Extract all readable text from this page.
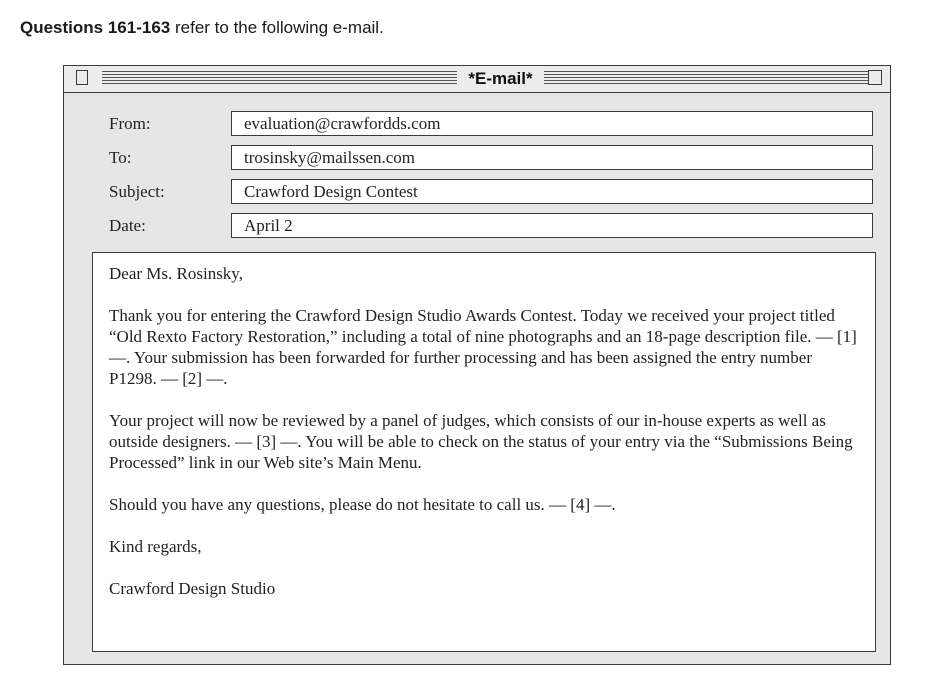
Questions 161-163 refer to the following e-mail.
*E-mail*
From:	evaluation@crawfordds.com
To:	trosinsky@mailssen.com
Subject:	Crawford Design Contest
Date:	April 2

Dear Ms. Rosinsky,

Thank you for entering the Crawford Design Studio Awards Contest. Today we received your project titled “Old Rexto Factory Restoration,” including a total of nine photographs and an 18-page description file. — [1] —. Your submission has been forwarded for further processing and has been assigned the entry number P1298. — [2] —.

Your project will now be reviewed by a panel of judges, which consists of our in-house experts as well as outside designers. — [3] —. You will be able to check on the status of your entry via the “Submissions Being Processed” link in our Web site’s Main Menu.

Should you have any questions, please do not hesitate to call us. — [4] —.

Kind regards,

Crawford Design Studio
